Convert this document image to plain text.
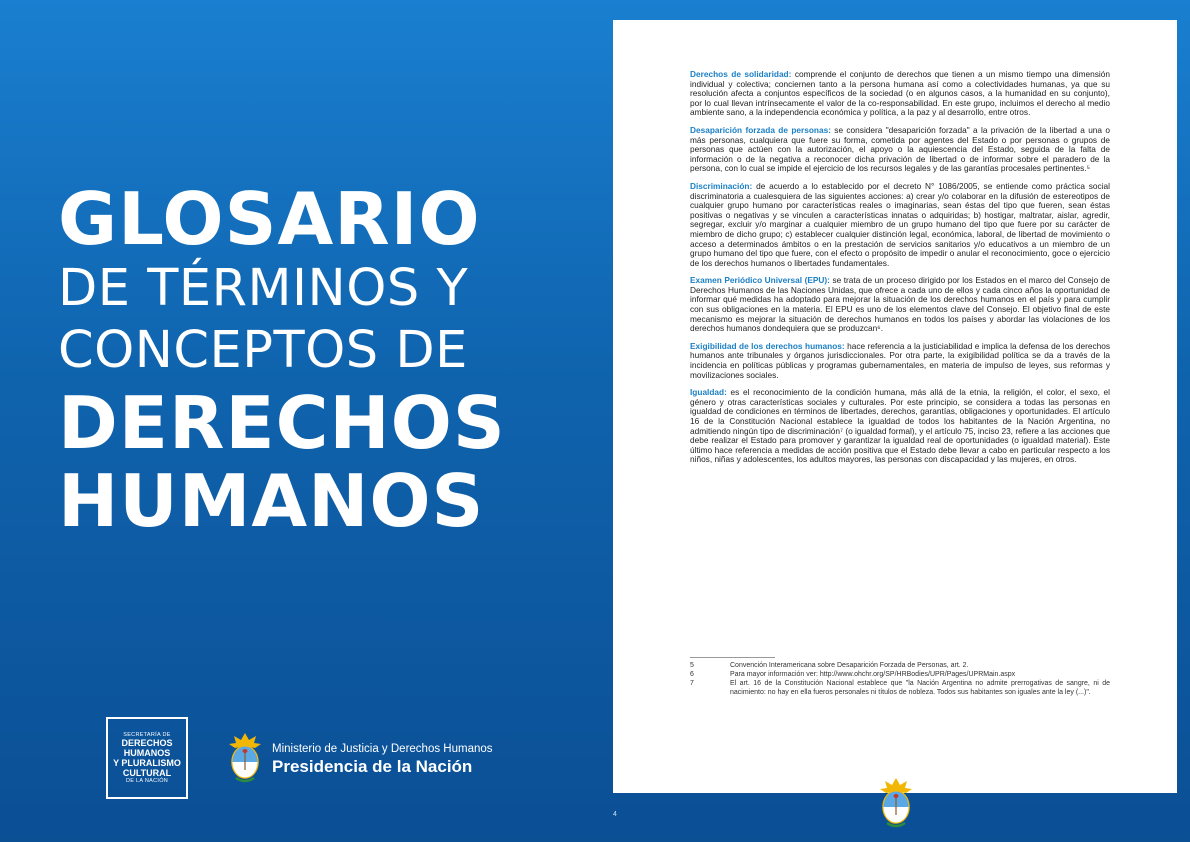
GLOSARIO
DE TÉRMINOS Y
CONCEPTOS DE
DERECHOS
HUMANOS
SECRETARÍA DE
DERECHOS
HUMANOS
Y PLURALISMO
CULTURAL
DE LA NACIÓN
Ministerio de Justicia y Derechos Humanos
Presidencia de la Nación

Derechos de solidaridad: comprende el conjunto de derechos que tienen a un mismo tiempo una dimensión individual y colectiva; conciernen tanto a la persona humana así como a colectividades humanas, ya que su resolución afecta a conjuntos específicos de la sociedad (o en algunos casos, a la humanidad en su conjunto), por lo cual llevan intrínsecamente el valor de la co-responsabilidad. En este grupo, incluimos el derecho al medio ambiente sano, a la independencia económica y política, a la paz y al desarrollo, entre otros.

Desaparición forzada de personas: se considera "desaparición forzada" a la privación de la libertad a una o más personas, cualquiera que fuere su forma, cometida por agentes del Estado o por personas o grupos de personas que actúen con la autorización, el apoyo o la aquiescencia del Estado, seguida de la falta de información o de la negativa a reconocer dicha privación de libertad o de informar sobre el paradero de la persona, con lo cual se impide el ejercicio de los recursos legales y de las garantías procesales pertinentes.⁵

Discriminación: de acuerdo a lo establecido por el decreto N° 1086/2005, se entiende como práctica social discriminatoria a cualesquiera de las siguientes acciones: a) crear y/o colaborar en la difusión de estereotipos de cualquier grupo humano por características reales o imaginarias, sean éstas del tipo que fueren, sean éstas positivas o negativas y se vinculen a características innatas o adquiridas; b) hostigar, maltratar, aislar, agredir, segregar, excluir y/o marginar a cualquier miembro de un grupo humano del tipo que fuere por su carácter de miembro de dicho grupo; c) establecer cualquier distinción legal, económica, laboral, de libertad de movimiento o acceso a determinados ámbitos o en la prestación de servicios sanitarios y/o educativos a un miembro de un grupo humano del tipo que fuere, con el efecto o propósito de impedir o anular el reconocimiento, goce o ejercicio de los derechos humanos o libertades fundamentales.

Examen Periódico Universal (EPU): se trata de un proceso dirigido por los Estados en el marco del Consejo de Derechos Humanos de las Naciones Unidas, que ofrece a cada uno de ellos y cada cinco años la oportunidad de informar qué medidas ha adoptado para mejorar la situación de los derechos humanos en el país y para cumplir con sus obligaciones en la materia. El EPU es uno de los elementos clave del Consejo. El objetivo final de este mecanismo es mejorar la situación de derechos humanos en todos los países y abordar las violaciones de los derechos humanos dondequiera que se produzcan⁶.

Exigibilidad de los derechos humanos: hace referencia a la justiciabilidad e implica la defensa de los derechos humanos ante tribunales y órganos jurisdiccionales. Por otra parte, la exigibilidad política se da a través de la incidencia en políticas públicas y programas gubernamentales, en materia de impulso de leyes, sus reformas y movilizaciones sociales.

Igualdad: es el reconocimiento de la condición humana, más allá de la etnia, la religión, el color, el sexo, el género y otras características sociales y culturales. Por este principio, se considera a todas las personas en igualdad de condiciones en términos de libertades, derechos, garantías, obligaciones y oportunidades. El artículo 16 de la Constitución Nacional establece la igualdad de todos los habitantes de la Nación Argentina, no admitiendo ningún tipo de discriminación⁷ (o igualdad formal), y el artículo 75, inciso 23, refiere a las acciones que debe realizar el Estado para promover y garantizar la igualdad real de oportunidades (o igualdad material). Este último hace referencia a medidas de acción positiva que el Estado debe llevar a cabo en particular respecto a los niños, niñas y adolescentes, los adultos mayores, las personas con discapacidad y las mujeres, en otros.

5	Convención Interamericana sobre Desaparición Forzada de Personas, art. 2.
6	Para mayor información ver: http://www.ohchr.org/SP/HRBodies/UPR/Pages/UPRMain.aspx
7	El art. 16 de la Constitución Nacional establece que "la Nación Argentina no admite prerrogativas de sangre, ni de nacimiento: no hay en ella fueros personales ni títulos de nobleza. Todos sus habitantes son iguales ante la ley (...)".
4
